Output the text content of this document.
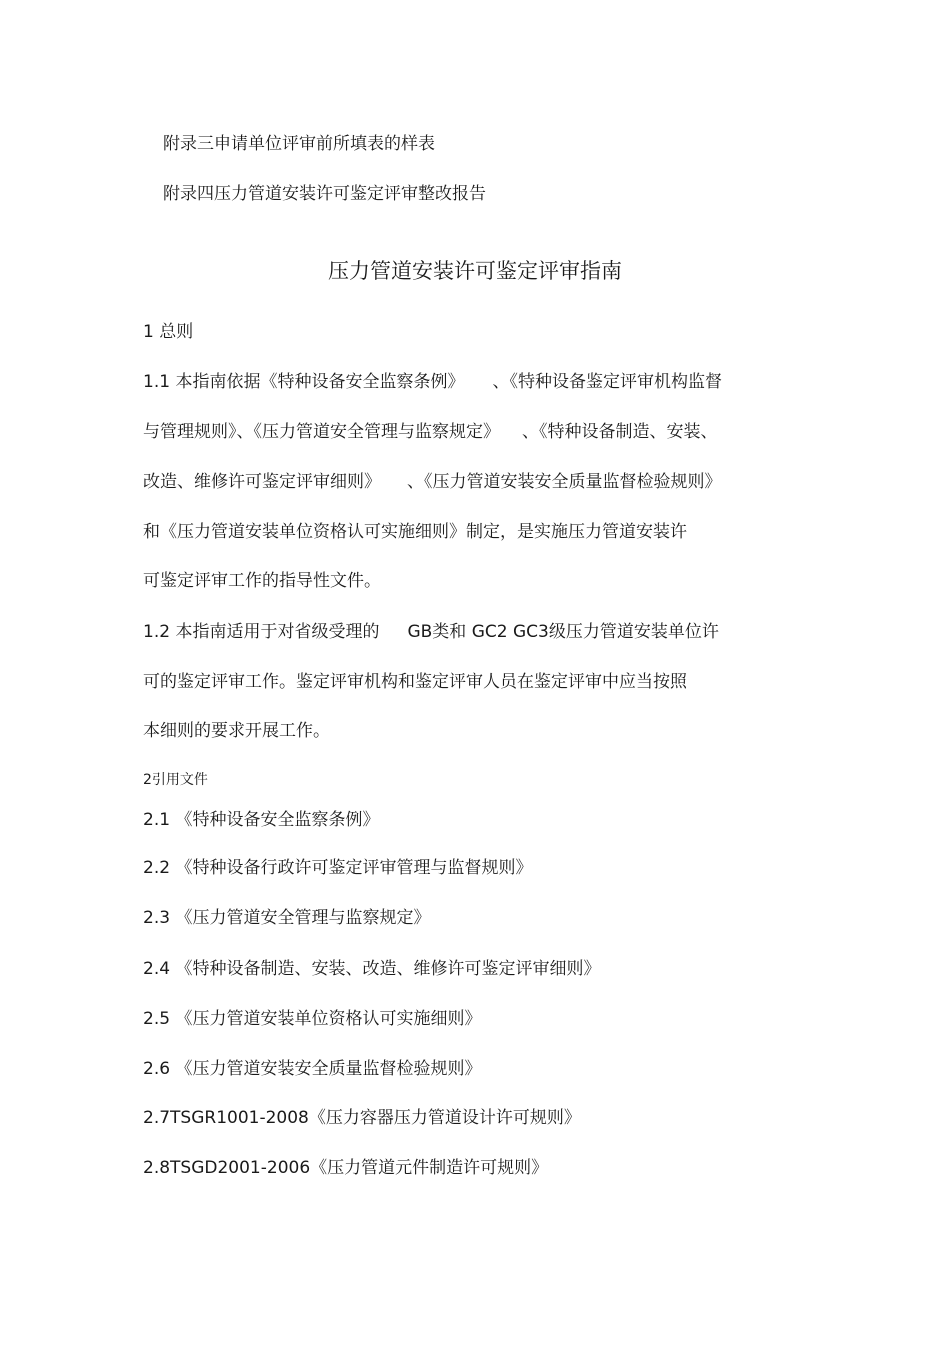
附录三申请单位评审前所填表的样表
附录四压力管道安装许可鉴定评审整改报告
压力管道安装许可鉴定评审指南
1 总则
1.1 本指南依据《特种设备安全监察条例》 、《特种设备鉴定评审机构监督
与管理规则》、《压力管道安全管理与监察规定》 、《特种设备制造、安装、
改造、维修许可鉴定评审细则》 、《压力管道安装安全质量监督检验规则》
和《压力管道安装单位资格认可实施细则》制定，是实施压力管道安装许
可鉴定评审工作的指导性文件。
1.2 本指南适用于对省级受理的 GB类和 GC2 GC3级压力管道安装单位许
可的鉴定评审工作。鉴定评审机构和鉴定评审人员在鉴定评审中应当按照
本细则的要求开展工作。
2引用文件
2.1 《特种设备安全监察条例》
2.2 《特种设备行政许可鉴定评审管理与监督规则》
2.3 《压力管道安全管理与监察规定》
2.4 《特种设备制造、安装、改造、维修许可鉴定评审细则》
2.5 《压力管道安装单位资格认可实施细则》
2.6 《压力管道安装安全质量监督检验规则》
2.7TSGR1001-2008《压力容器压力管道设计许可规则》
2.8TSGD2001-2006《压力管道元件制造许可规则》
